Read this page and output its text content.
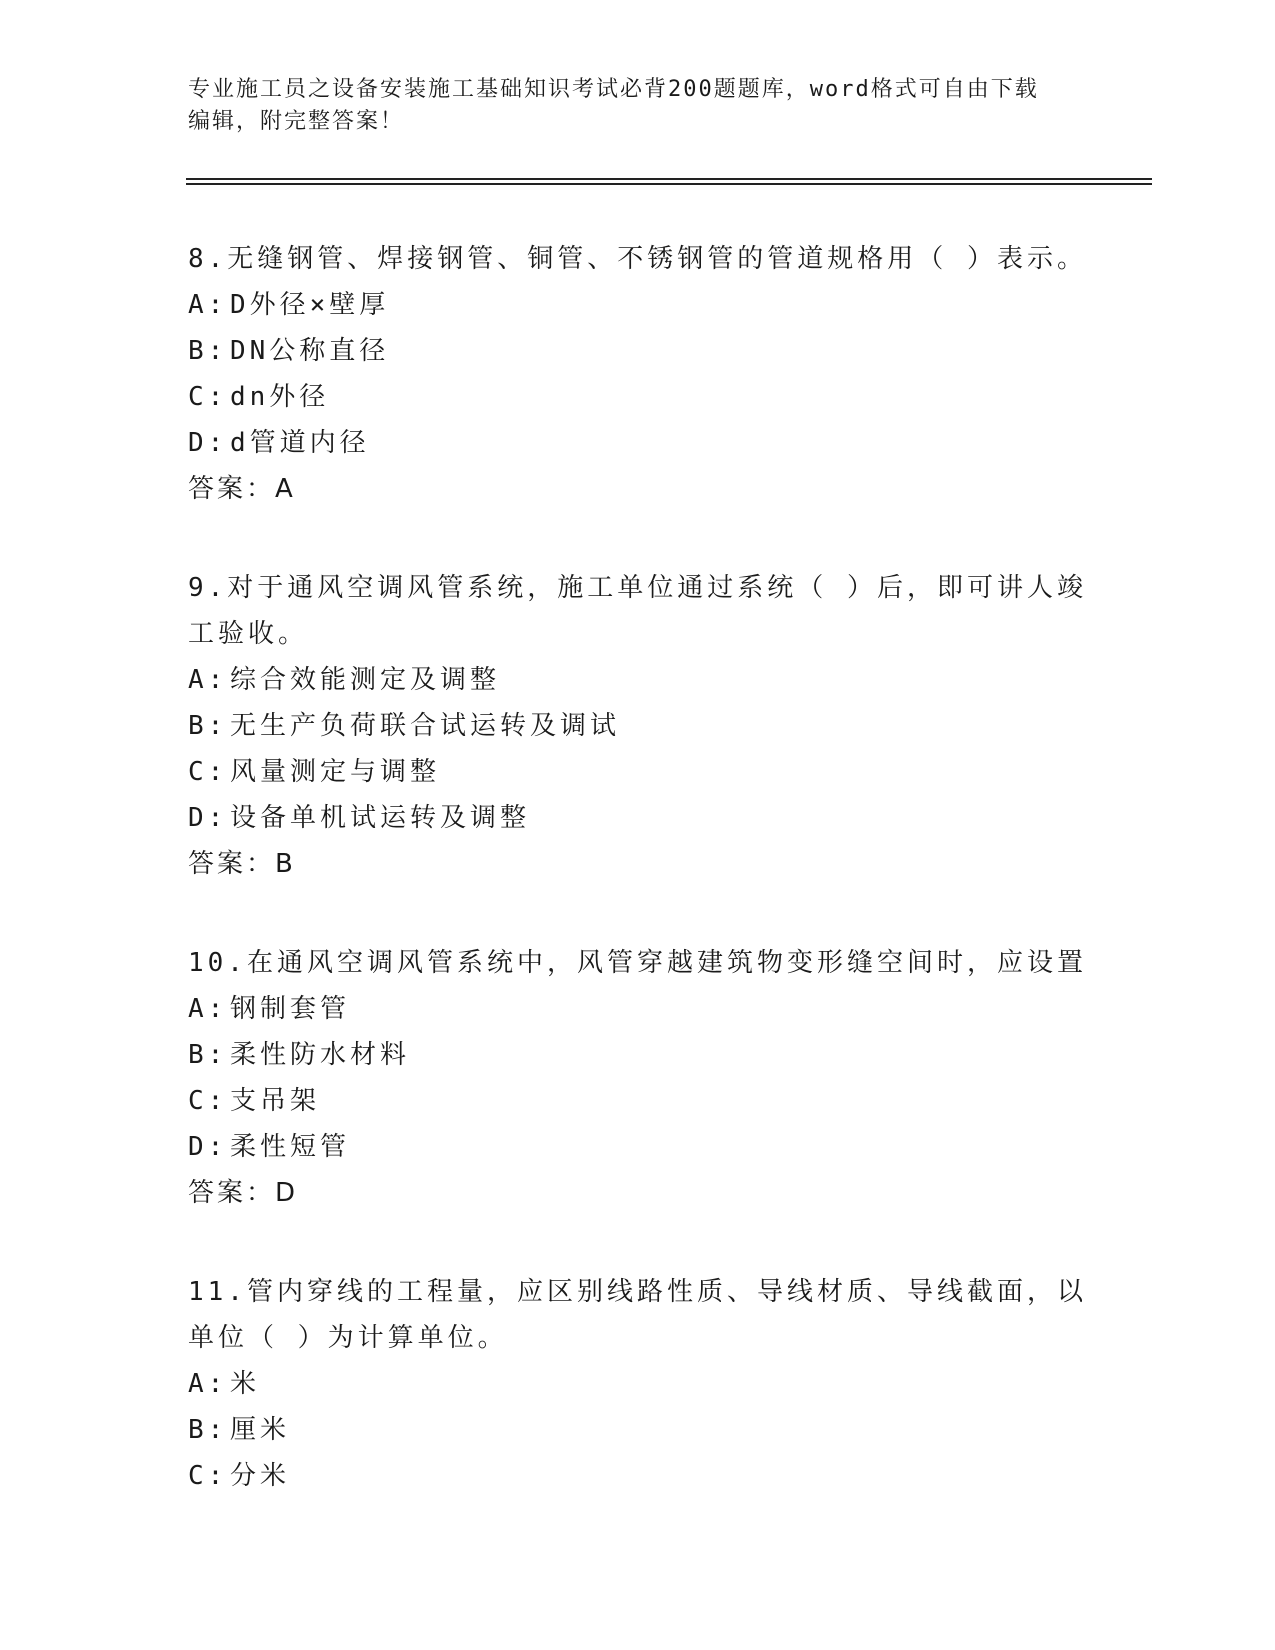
专业施工员之设备安装施工基础知识考试必背200题题库，word格式可自由下载
编辑，附完整答案！
8.无缝钢管、焊接钢管、铜管、不锈钢管的管道规格用（ ）表示。
A: D外径×壁厚
B: DN公称直径
C: dn外径
D: d管道内径
答案：A
9.对于通风空调风管系统，施工单位通过系统（ ）后，即可讲人竣工验收。
A: 综合效能测定及调整
B: 无生产负荷联合试运转及调试
C: 风量测定与调整
D: 设备单机试运转及调整
答案：B
10.在通风空调风管系统中，风管穿越建筑物变形缝空间时，应设置
A: 钢制套管
B: 柔性防水材料
C: 支吊架
D: 柔性短管
答案：D
11.管内穿线的工程量，应区别线路性质、导线材质、导线截面，以单位（ ）为计算单位。
A: 米
B: 厘米
C: 分米
